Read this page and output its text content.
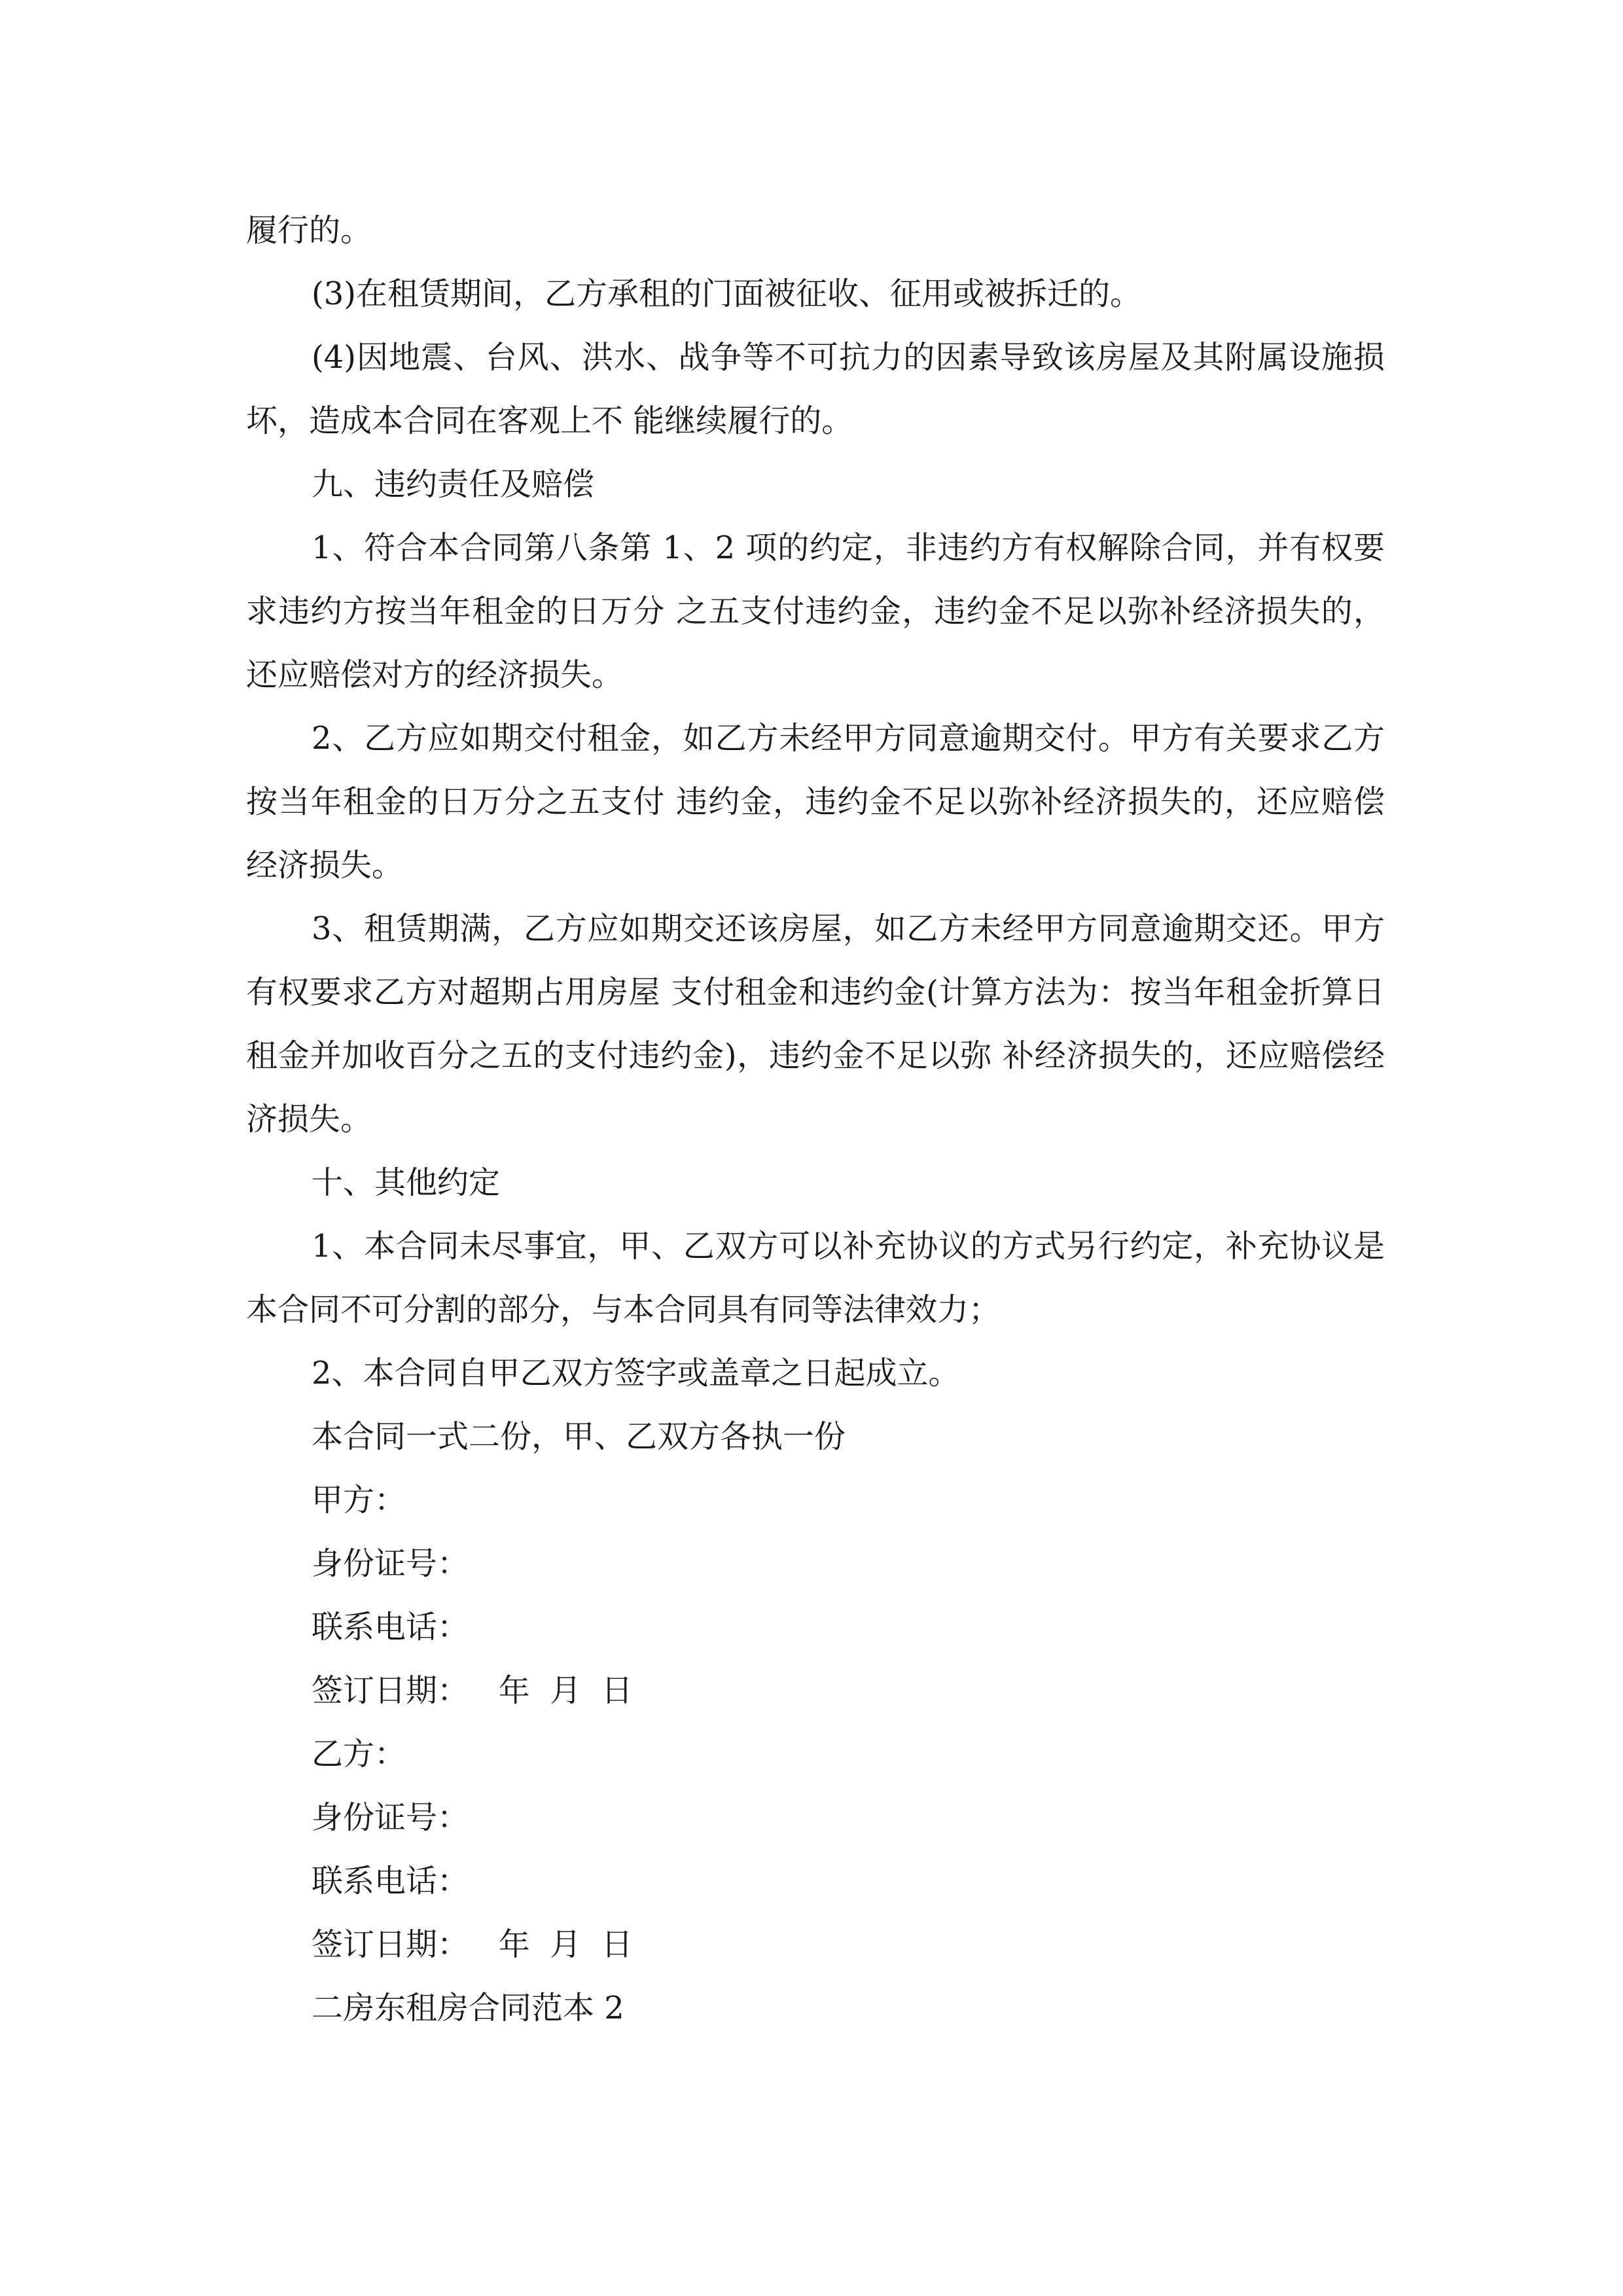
履行的。

(3)在租赁期间，乙方承租的门面被征收、征用或被拆迁的。

(4)因地震、台风、洪水、战争等不可抗力的因素导致该房屋及其附属设施损坏，造成本合同在客观上不 能继续履行的。

九、违约责任及赔偿

1、符合本合同第八条第 1、2 项的约定，非违约方有权解除合同，并有权要求违约方按当年租金的日万分 之五支付违约金，违约金不足以弥补经济损失的，还应赔偿对方的经济损失。

2、乙方应如期交付租金，如乙方未经甲方同意逾期交付。甲方有关要求乙方按当年租金的日万分之五支付 违约金，违约金不足以弥补经济损失的，还应赔偿经济损失。

3、租赁期满，乙方应如期交还该房屋，如乙方未经甲方同意逾期交还。甲方有权要求乙方对超期占用房屋 支付租金和违约金(计算方法为：按当年租金折算日租金并加收百分之五的支付违约金)，违约金不足以弥 补经济损失的，还应赔偿经济损失。

十、其他约定

1、本合同未尽事宜，甲、乙双方可以补充协议的方式另行约定，补充协议是本合同不可分割的部分，与本合同具有同等法律效力；

2、本合同自甲乙双方签字或盖章之日起成立。

本合同一式二份，甲、乙双方各执一份

甲方：

身份证号：

联系电话：

签订日期：   年  月  日

乙方：

身份证号：

联系电话：

签订日期：   年  月  日

二房东租房合同范本 2
